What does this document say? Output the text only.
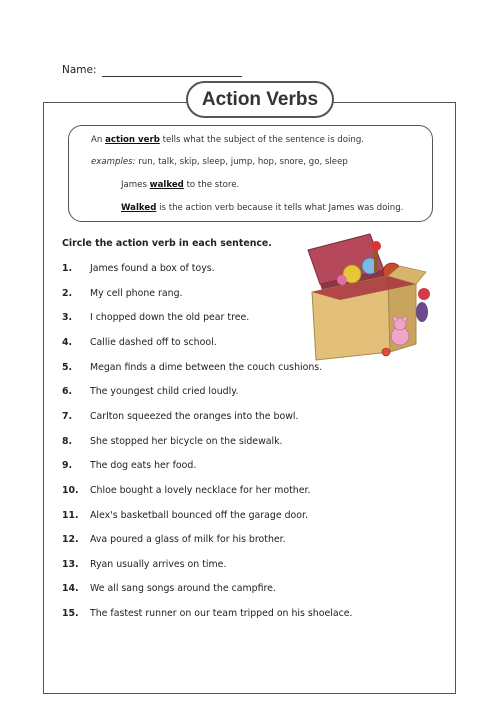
Name:
Action Verbs
An action verb tells what the subject of the sentence is doing.
examples: run, talk, skip, sleep, jump, hop, snore, go, sleep
James walked to the store.
Walked is the action verb because it tells what James was doing.
Circle the action verb in each sentence.
1. James found a box of toys.
2. My cell phone rang.
3. I chopped down the old pear tree.
4. Callie dashed off to school.
5. Megan finds a dime between the couch cushions.
6. The youngest child cried loudly.
7. Carlton squeezed the oranges into the bowl.
8. She stopped her bicycle on the sidewalk.
9. The dog eats her food.
10. Chloe bought a lovely necklace for her mother.
11. Alex's basketball bounced off the garage door.
12. Ava poured a glass of milk for his brother.
13. Ryan usually arrives on time.
14. We all sang songs around the campfire.
15. The fastest runner on our team tripped on his shoelace.
